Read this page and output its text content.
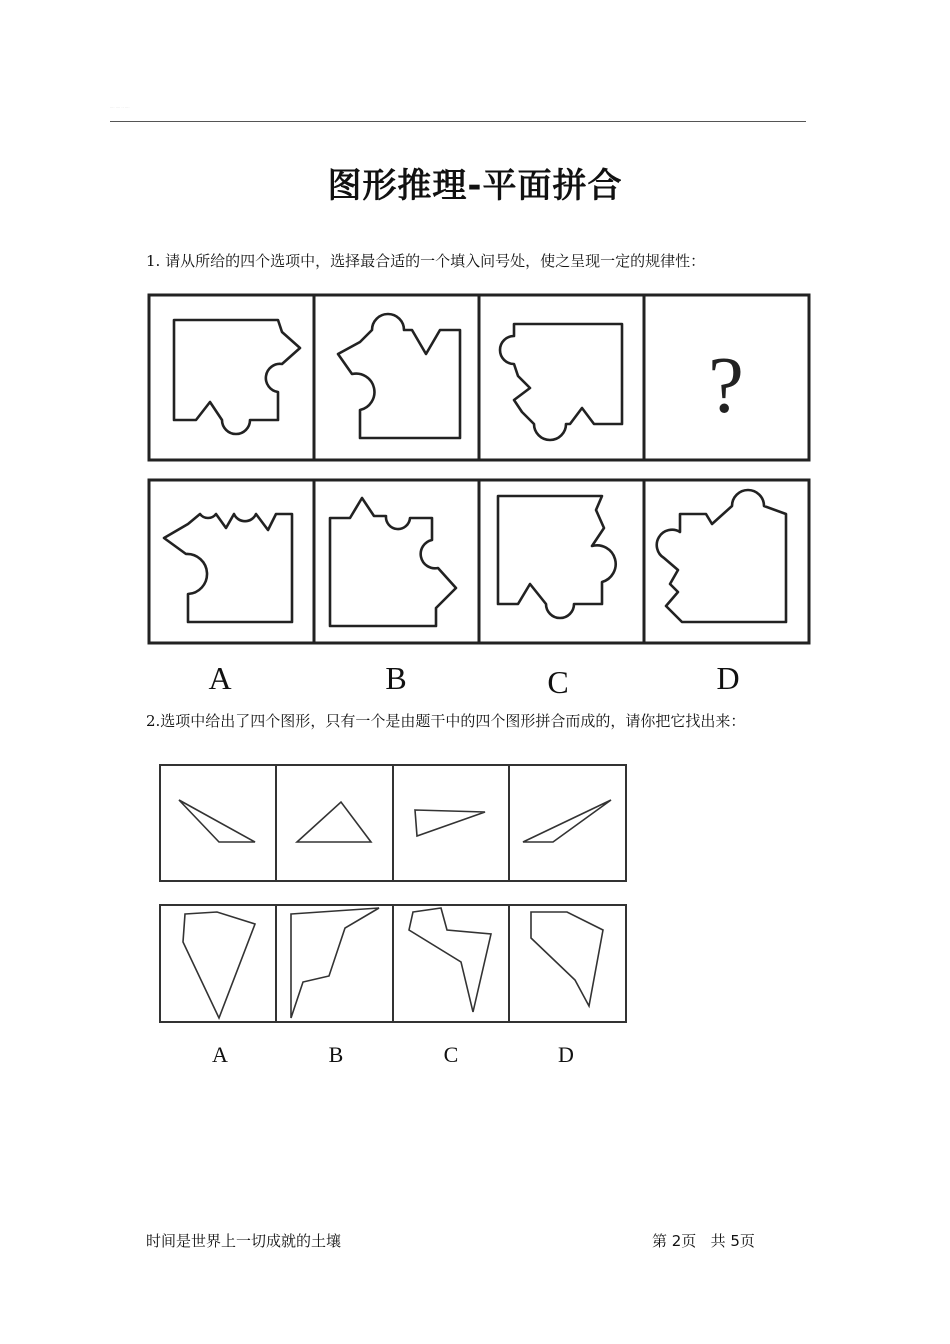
···· ···· ·· ····
图形推理-平面拼合
1. 请从所给的四个选项中，选择最合适的一个填入问号处，使之呈现一定的规律性：
?
A	B	C	D
2.选项中给出了四个图形，只有一个是由题干中的四个图形拼合而成的，请你把它找出来：
A	B	C	D
时间是世界上一切成就的土壤	第 2页   共 5页
